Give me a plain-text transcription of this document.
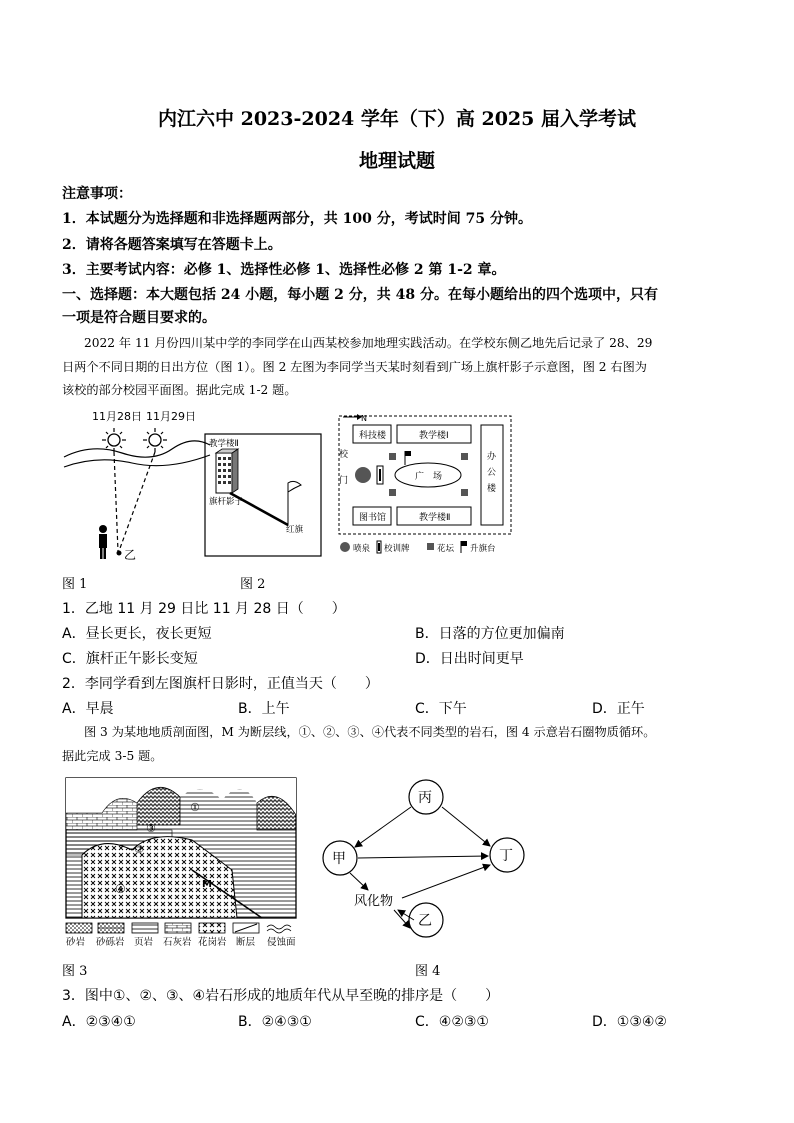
内江六中 2023-2024 学年（下）高 2025 届入学考试
地理试题
注意事项：
1．本试题分为选择题和非选择题两部分，共 100 分，考试时间 75 分钟。
2．请将各题答案填写在答题卡上。
3．主要考试内容：必修 1、选择性必修 1、选择性必修 2 第 1-2 章。
一、选择题：本大题包括 24 小题，每小题 2 分，共 48 分。在每小题给出的四个选项中，只有
一项是符合题目要求的。
2022 年 11 月份四川某中学的李同学在山西某校参加地理实践活动。在学校东侧乙地先后记录了 28、29
日两个不同日期的日出方位（图 1）。图 2 左图为李同学当天某时刻看到广场上旗杆影子示意图，图 2 右图为
该校的部分校园平面图。据此完成 1-2 题。
11月28日 11月29日
乙
教学楼Ⅱ
旗杆影子
红旗
N
科技楼	教学楼Ⅰ
办
公
楼
校
门	广　场
图书馆	教学楼Ⅱ
喷泉 校训牌	花坛 升旗台
图 1	图 2
1．乙地 11 月 29 日比 11 月 28 日（　　）
A．昼长更长，夜长更短	B．日落的方位更加偏南
C．旗杆正午影长变短	D．日出时间更早
2．李同学看到左图旗杆日影时，正值当天（　　）
A．早晨	B．上午	C．下午	D．正午
图 3 为某地地质剖面图，M 为断层线，①、②、③、④代表不同类型的岩石，图 4 示意岩石圈物质循环。
据此完成 3-5 题。
①
③
②
④	M
砂岩 砂砾岩 页岩 石灰岩 花岗岩 断层 侵蚀面
丙
甲	丁
乙
风化物
图 3	图 4
3．图中①、②、③、④岩石形成的地质年代从早至晚的排序是（　　）
A．②③④①	B．②④③①	C．④②③①	D．①③④②
